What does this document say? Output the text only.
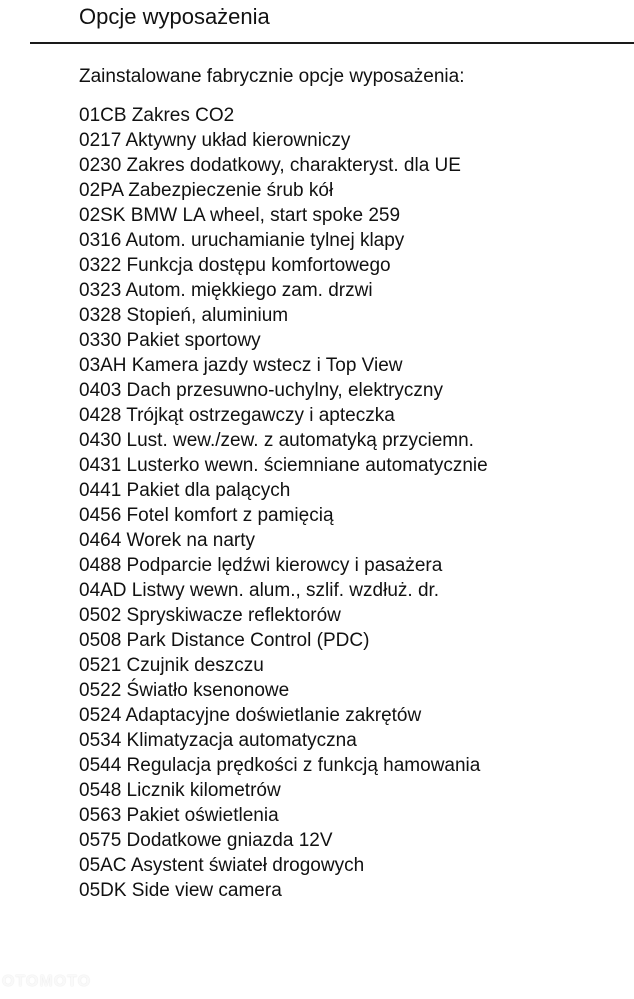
Opcje wyposażenia
Zainstalowane fabrycznie opcje wyposażenia:
01CB Zakres CO2
0217 Aktywny układ kierowniczy
0230 Zakres dodatkowy, charakteryst. dla UE
02PA Zabezpieczenie śrub kół
02SK BMW LA wheel, start spoke 259
0316 Autom. uruchamianie tylnej klapy
0322 Funkcja dostępu komfortowego
0323 Autom. miękkiego zam. drzwi
0328 Stopień, aluminium
0330 Pakiet sportowy
03AH Kamera jazdy wstecz i Top View
0403 Dach przesuwno-uchylny, elektryczny
0428 Trójkąt ostrzegawczy i apteczka
0430 Lust. wew./zew. z automatyką przyciemn.
0431 Lusterko wewn. ściemniane automatycznie
0441 Pakiet dla palących
0456 Fotel komfort z pamięcią
0464 Worek na narty
0488 Podparcie lędźwi kierowcy i pasażera
04AD Listwy wewn. alum., szlif. wzdłuż. dr.
0502 Spryskiwacze reflektorów
0508 Park Distance Control (PDC)
0521 Czujnik deszczu
0522 Światło ksenonowe
0524 Adaptacyjne doświetlanie zakrętów
0534 Klimatyzacja automatyczna
0544 Regulacja prędkości z funkcją hamowania
0548 Licznik kilometrów
0563 Pakiet oświetlenia
0575 Dodatkowe gniazda 12V
05AC Asystent świateł drogowych
05DK Side view camera
OTOMOTO
